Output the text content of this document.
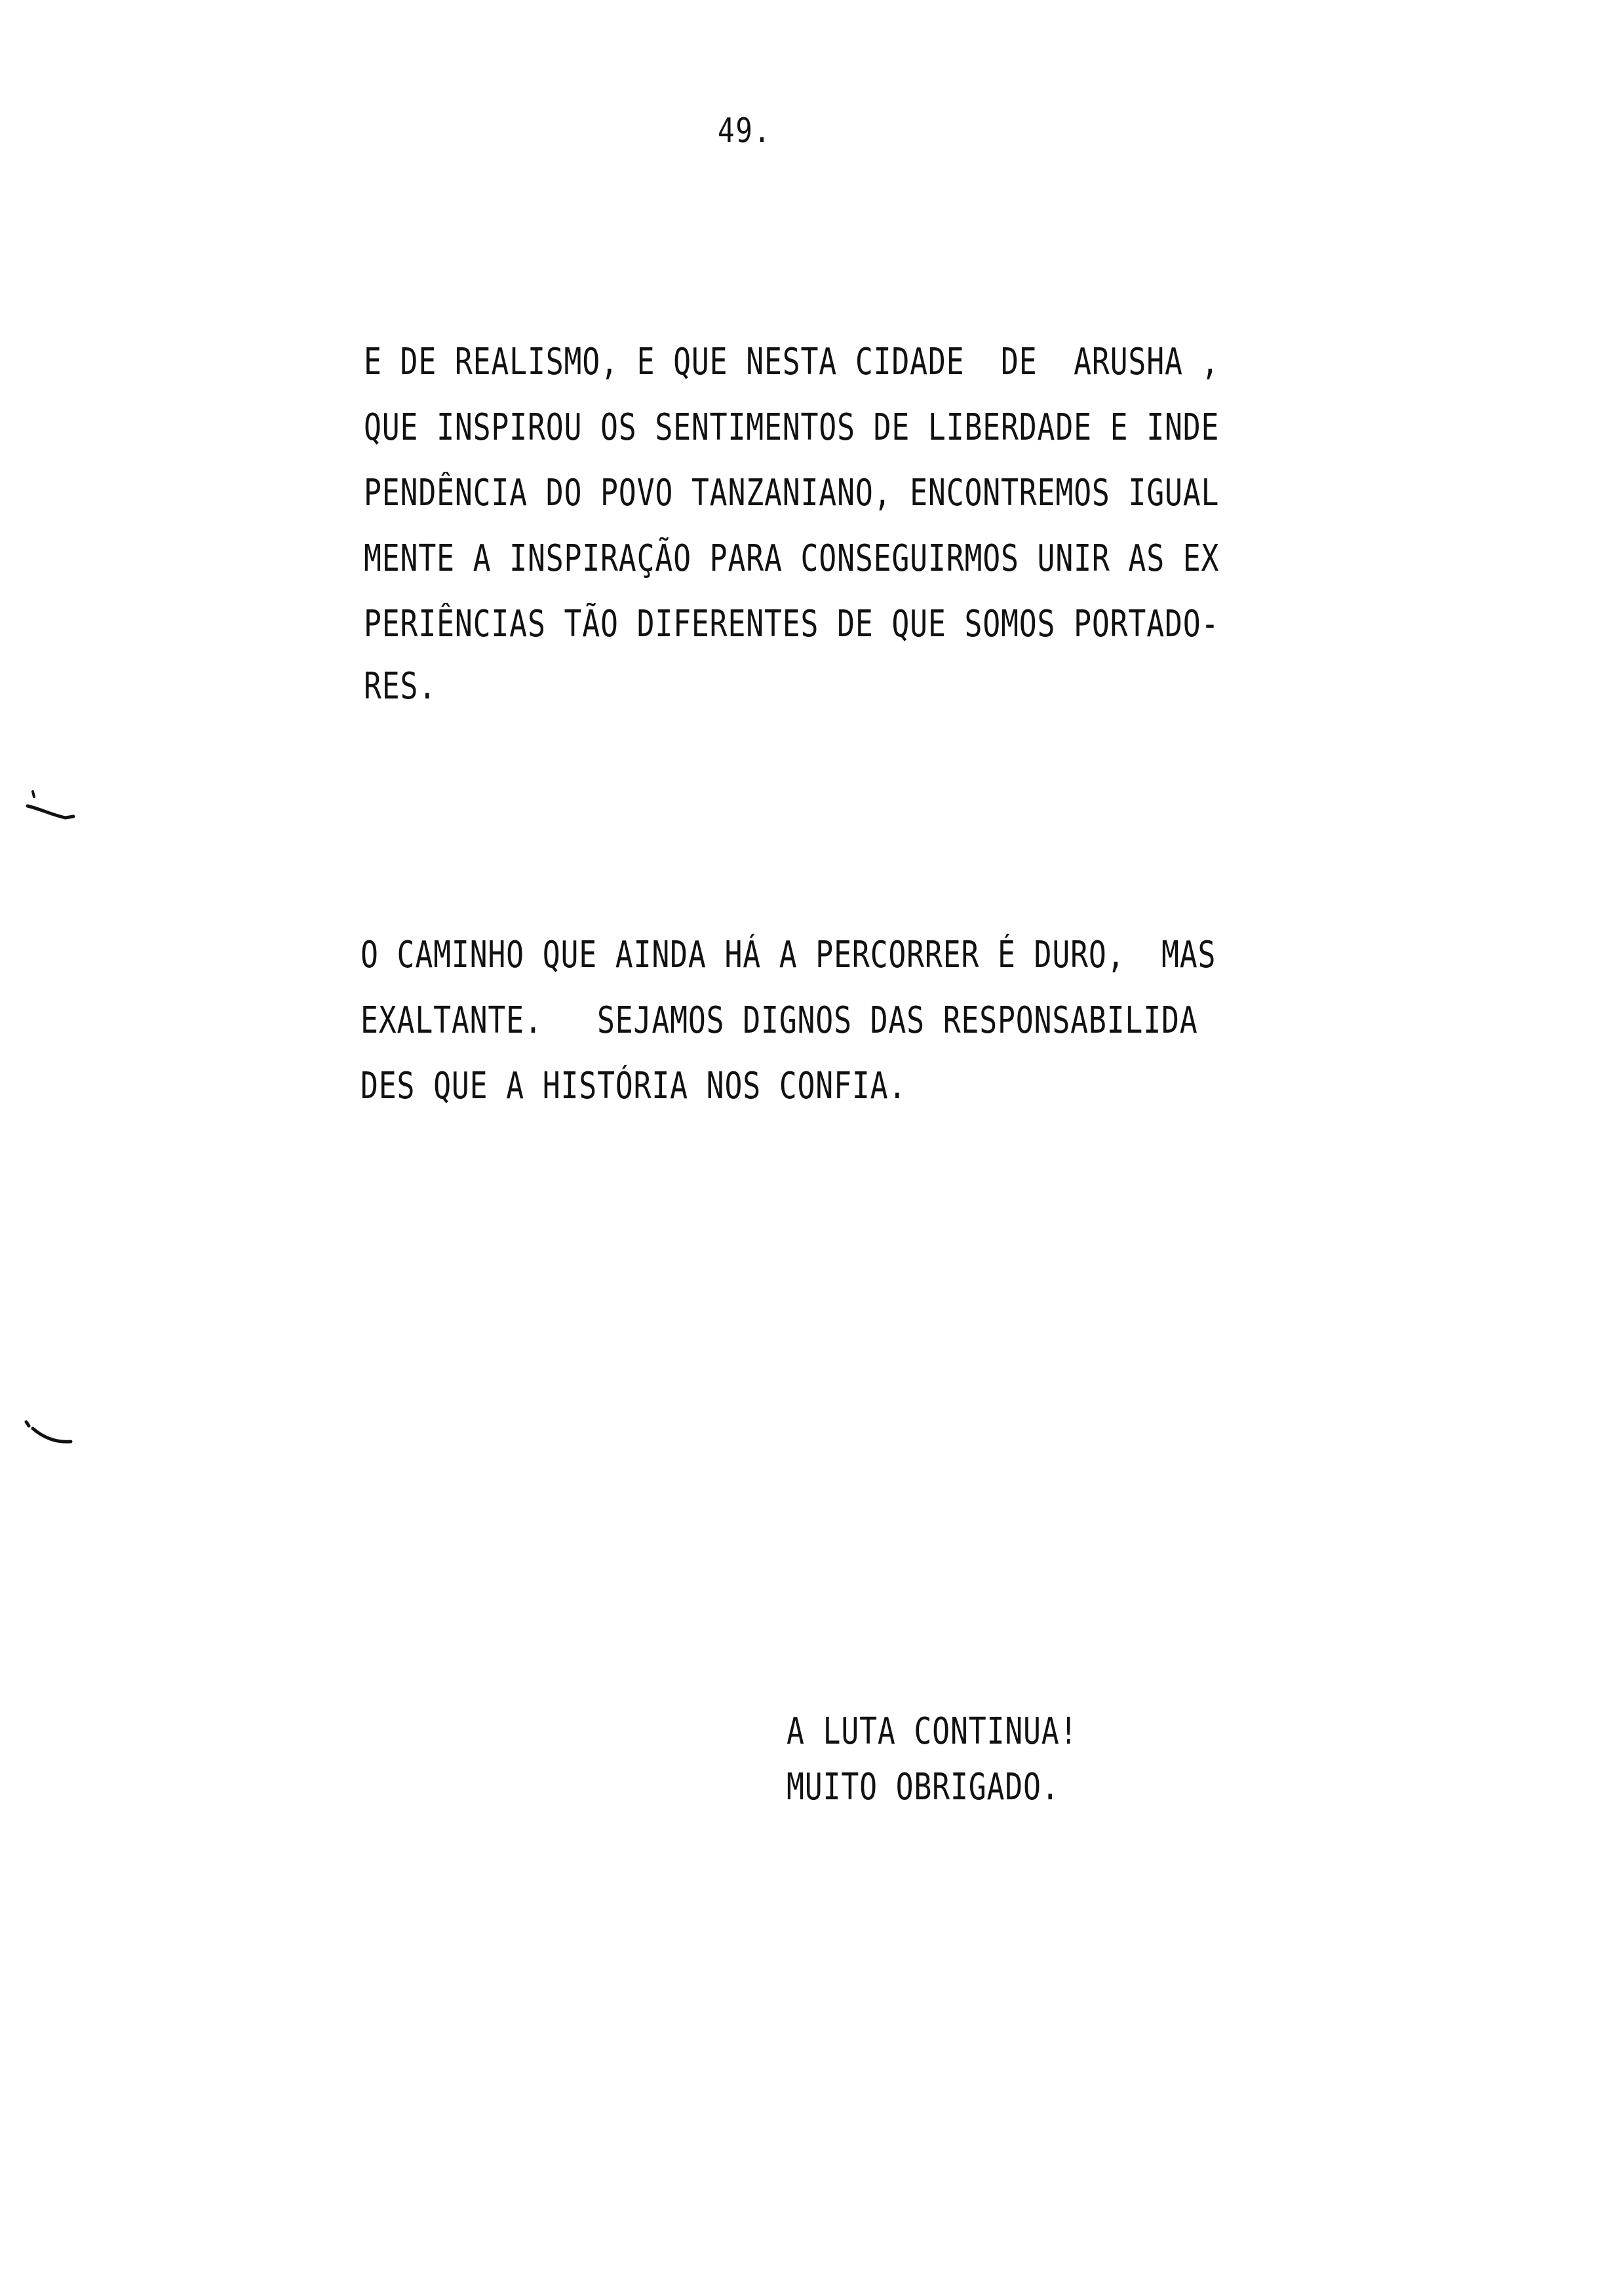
49.
E DE REALISMO, E QUE NESTA CIDADE  DE  ARUSHA ,
QUE INSPIROU OS SENTIMENTOS DE LIBERDADE E INDE
PENDÊNCIA DO POVO TANZANIANO, ENCONTREMOS IGUAL
MENTE A INSPIRAÇÃO PARA CONSEGUIRMOS UNIR AS EX
PERIÊNCIAS TÃO DIFERENTES DE QUE SOMOS PORTADO-
RES.
O CAMINHO QUE AINDA HÁ A PERCORRER É DURO,  MAS
EXALTANTE.   SEJAMOS DIGNOS DAS RESPONSABILIDA
DES QUE A HISTÓRIA NOS CONFIA.
A LUTA CONTINUA!
MUITO OBRIGADO.
